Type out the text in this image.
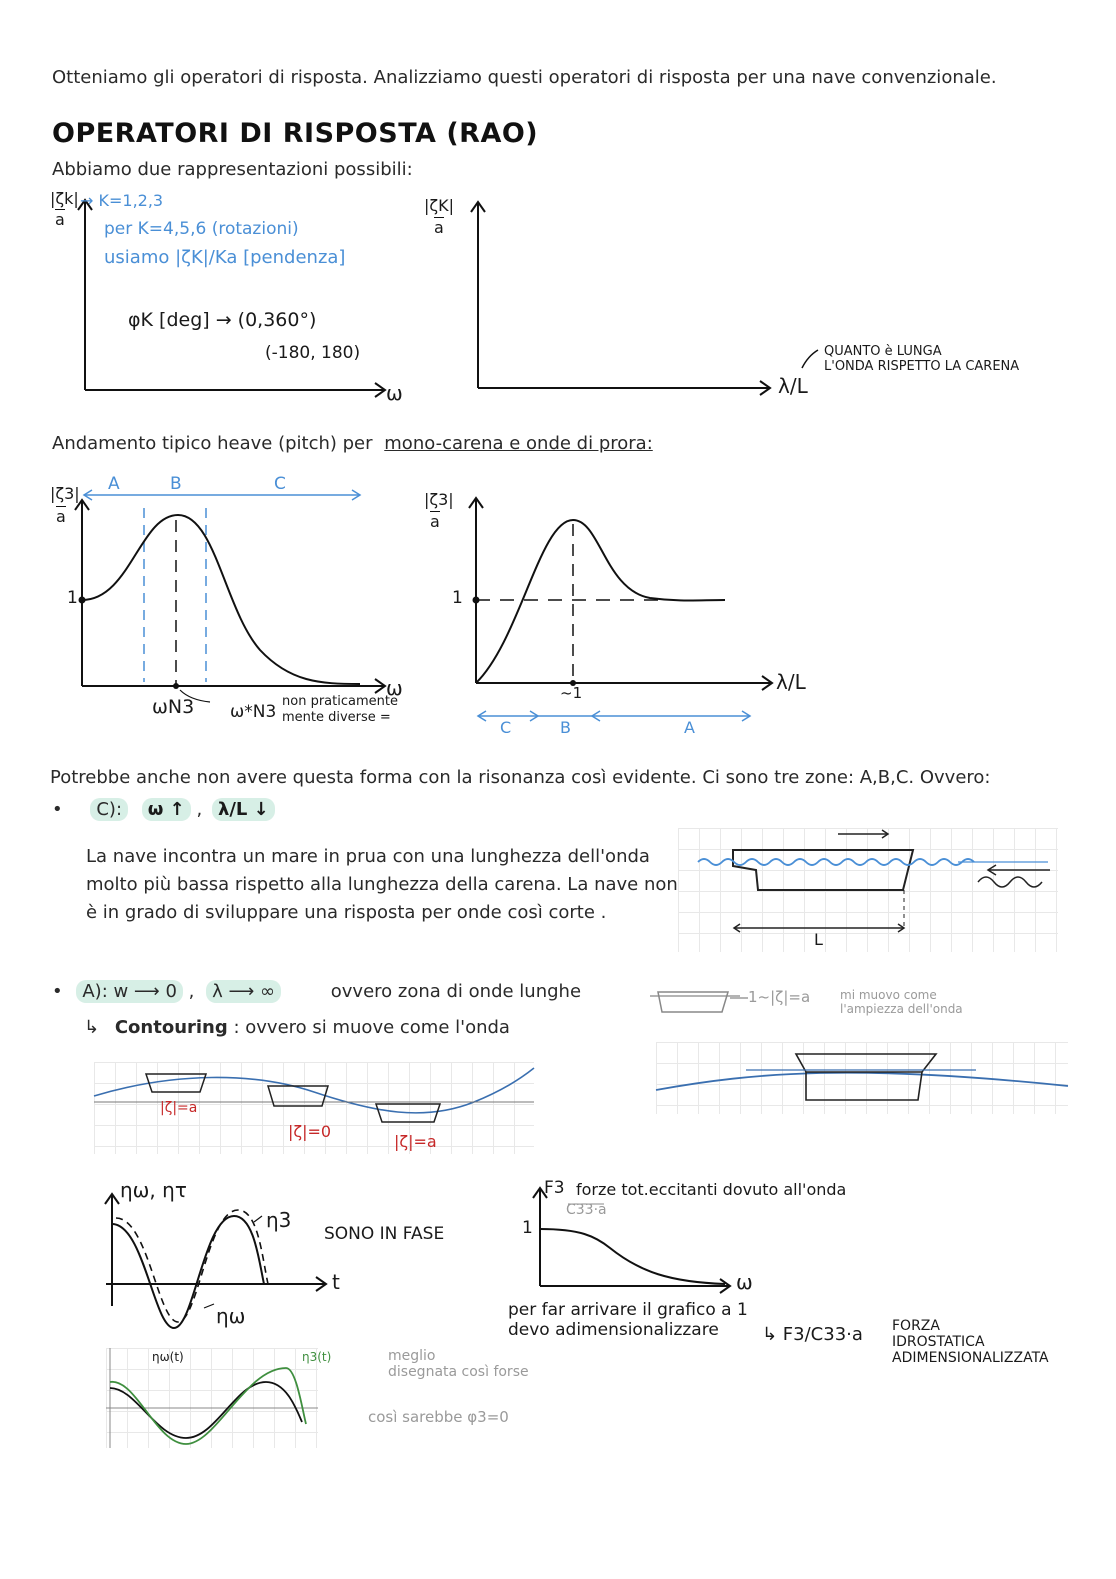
Otteniamo gli operatori di risposta. Analizziamo questi operatori di risposta per una nave convenzionale.
OPERATORI DI RISPOSTA (RAO)
Abbiamo due rappresentazioni possibili:
|ζk|
a
→ K=1,2,3
per K=4,5,6 (rotazioni)
usiamo |ζK|/Ka [pendenza]
φK [deg] → (0,360°)
(-180, 180)
ω
|ζK|
a
λ/L
QUANTO è LUNGA
L'ONDA RISPETTO LA CARENA
Andamento tipico heave (pitch) per mono-carena e onde di prora:
A	B	C
|ζ3|
a
1
ω
ωN3 ω*N3
non praticamente
mente diverse =
|ζ3|
a
1
λ/L
~1
C	B	A
Potrebbe anche non avere questa forma con la risonanza così evidente. Ci sono tre zone: A,B,C. Ovvero:
• C): ω ↑ , λ/L ↓
La nave incontra un mare in prua con una lunghezza dell'onda
molto più bassa rispetto alla lunghezza della carena. La nave non
è in grado di sviluppare una risposta per onde così corte .
L
• A): w ⟶ 0 , λ ⟶ ∞	ovvero zona di onde lunghe
↳ Contouring : ovvero si muove come l'onda
1~|ζ|=a mi muovo come
l'ampiezza dell'onda
|ζ|=a
|ζ|=0
|ζ|=a
ηω, ητ
η3
ηω
t
SONO IN FASE
F3 forze tot.eccitanti dovuto all'onda
C33·a
1
ω
per far arrivare il grafico a 1
devo adimensionalizzare ↳ F3/C33·a FORZA
IDROSTATICA
ADIMENSIONALIZZATA
ηω(t)	η3(t)	meglio
disegnata così forse
così sarebbe φ3=0
